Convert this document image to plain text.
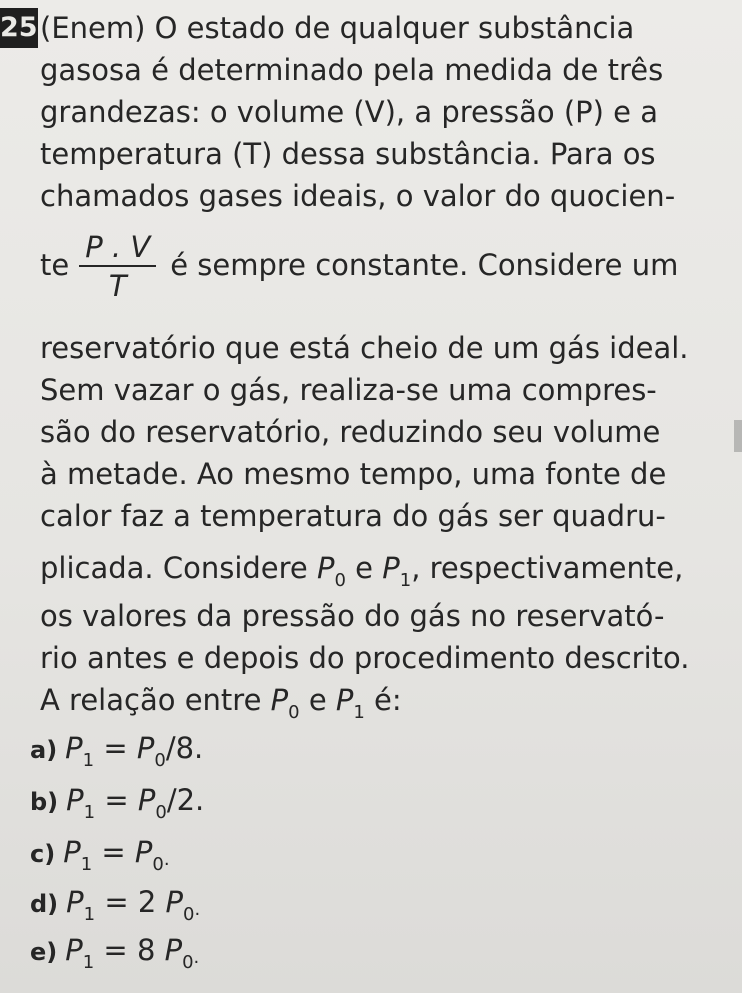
25.
(Enem) O estado de qualquer substância
gasosa é determinado pela medida de três
grandezas: o volume (V), a pressão (P) e a
temperatura (T) dessa substância. Para os
chamados gases ideais, o valor do quocien-
te $\frac{P . V}{T}$ é sempre constante. Considere um
reservatório que está cheio de um gás ideal.
Sem vazar o gás, realiza-se uma compres-
são do reservatório, reduzindo seu volume
à metade. Ao mesmo tempo, uma fonte de
calor faz a temperatura do gás ser quadru-
plicada. Considere $P_0$ e $P_1$, respectivamente,
os valores da pressão do gás no reservató-
rio antes e depois do procedimento descrito.
A relação entre $P_0$ e $P_1$ é:
a) $P_1 = P_0/8$.
b) $P_1 = P_0/2$.
c) $P_1 = P_{0\cdot}$
d) $P_1 = 2$ $P_{0\cdot}$
e) $P_1 = 8$ $P_{0\cdot}$
